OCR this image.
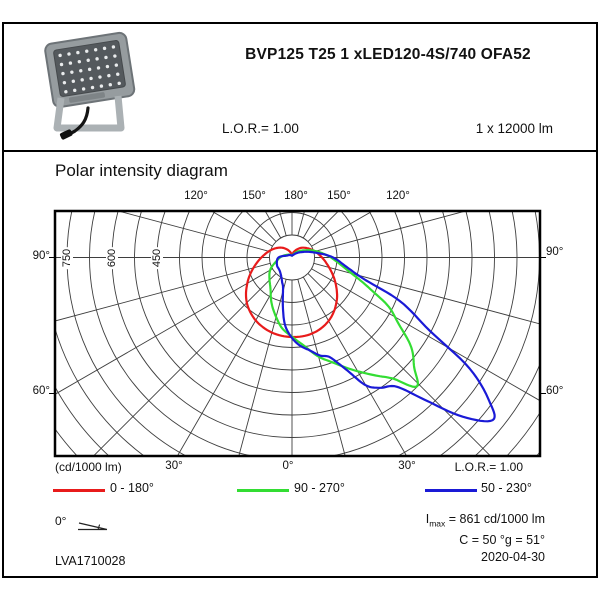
BVP125 T25 1 xLED120-4S/740 OFA52
L.O.R.= 1.00	1 x 12000 lm
Polar intensity diagram
120°	150° 180° 150°	120°
90°
60°
90°
60°
750	600	450
(cd/1000 lm)	30°	0°	30°	L.O.R.= 1.00
0 - 180°	90 - 270°	50 - 230°
0°
LVA1710028
$I_{max} = 861$ cd/1000 lm
C = 50 °g = 51°
2020-04-30
